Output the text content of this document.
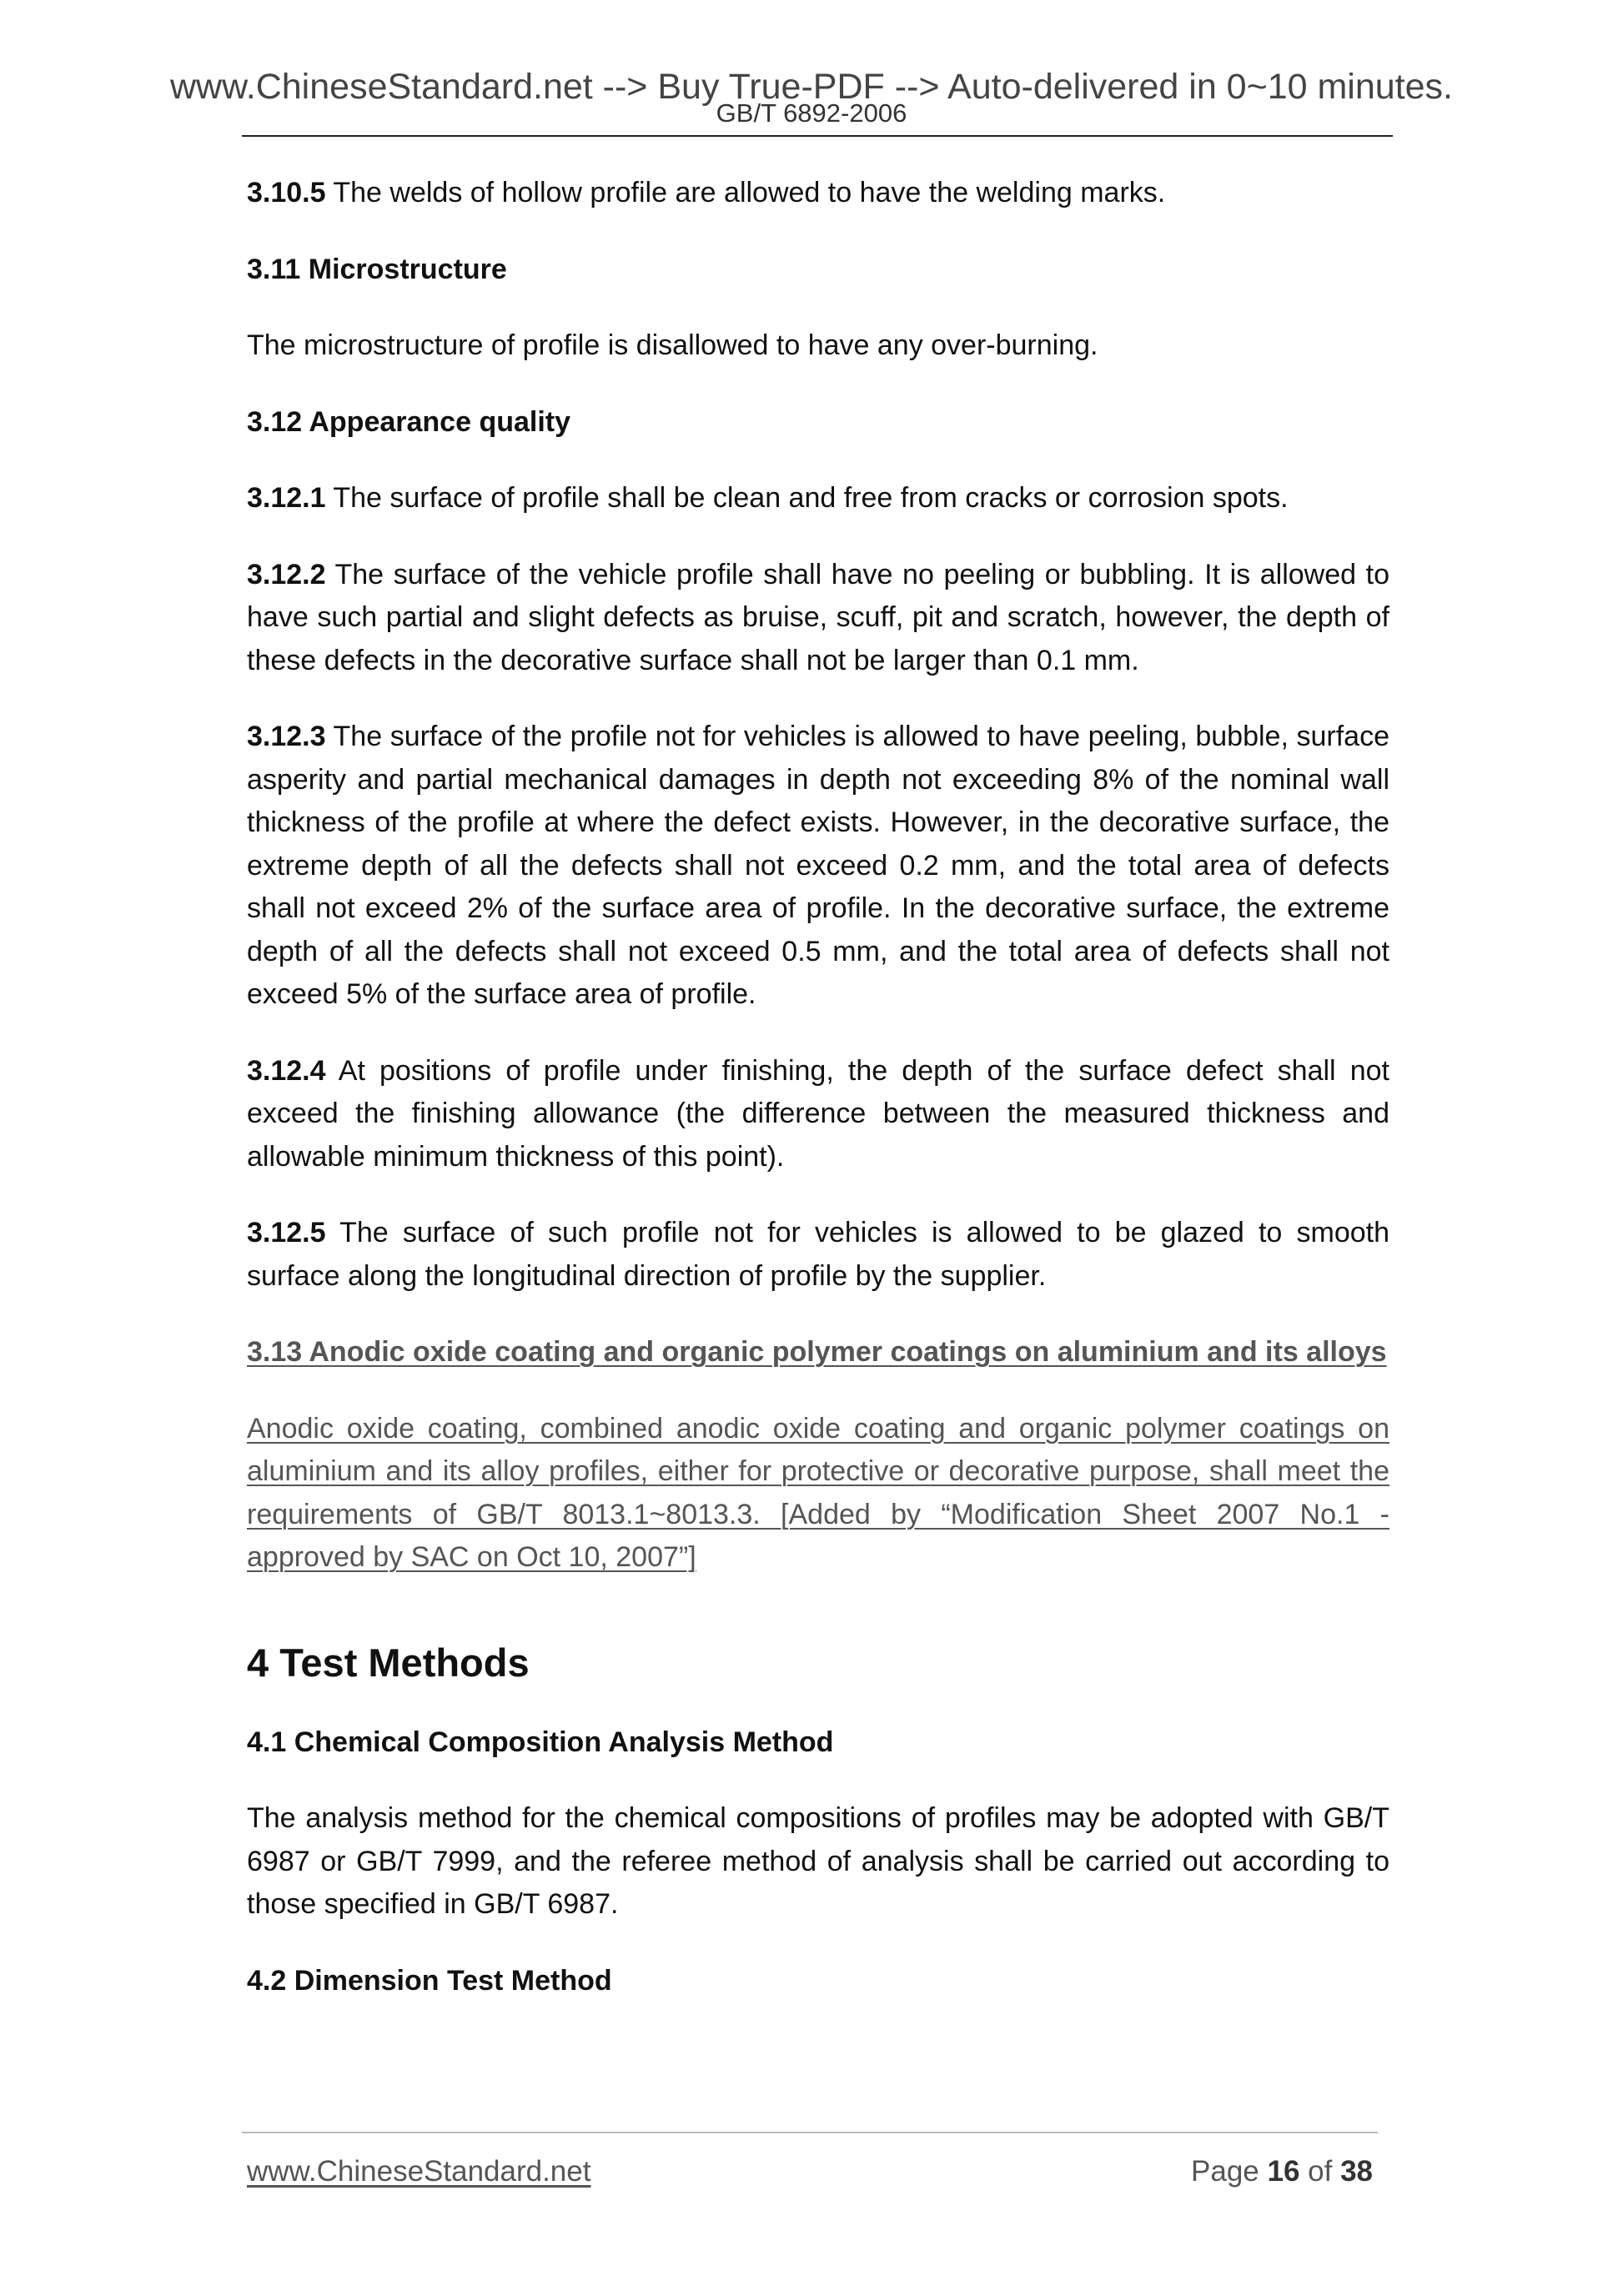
www.ChineseStandard.net --> Buy True-PDF --> Auto-delivered in 0~10 minutes.
GB/T 6892-2006

3.10.5 The welds of hollow profile are allowed to have the welding marks.

3.11 Microstructure

The microstructure of profile is disallowed to have any over-burning.

3.12 Appearance quality

3.12.1 The surface of profile shall be clean and free from cracks or corrosion spots.

3.12.2 The surface of the vehicle profile shall have no peeling or bubbling. It is allowed to have such partial and slight defects as bruise, scuff, pit and scratch, however, the depth of these defects in the decorative surface shall not be larger than 0.1 mm.

3.12.3 The surface of the profile not for vehicles is allowed to have peeling, bubble, surface asperity and partial mechanical damages in depth not exceeding 8% of the nominal wall thickness of the profile at where the defect exists. However, in the decorative surface, the extreme depth of all the defects shall not exceed 0.2 mm, and the total area of defects shall not exceed 2% of the surface area of profile. In the decorative surface, the extreme depth of all the defects shall not exceed 0.5 mm, and the total area of defects shall not exceed 5% of the surface area of profile.

3.12.4 At positions of profile under finishing, the depth of the surface defect shall not exceed the finishing allowance (the difference between the measured thickness and allowable minimum thickness of this point).

3.12.5 The surface of such profile not for vehicles is allowed to be glazed to smooth surface along the longitudinal direction of profile by the supplier.

3.13 Anodic oxide coating and organic polymer coatings on aluminium and its alloys

Anodic oxide coating, combined anodic oxide coating and organic polymer coatings on aluminium and its alloy profiles, either for protective or decorative purpose, shall meet the requirements of GB/T 8013.1~8013.3. [Added by “Modification Sheet 2007 No.1 - approved by SAC on Oct 10, 2007”]

4 Test Methods
4.1 Chemical Composition Analysis Method

The analysis method for the chemical compositions of profiles may be adopted with GB/T 6987 or GB/T 7999, and the referee method of analysis shall be carried out according to those specified in GB/T 6987.

4.2 Dimension Test Method
www.ChineseStandard.net	Page 16 of 38
